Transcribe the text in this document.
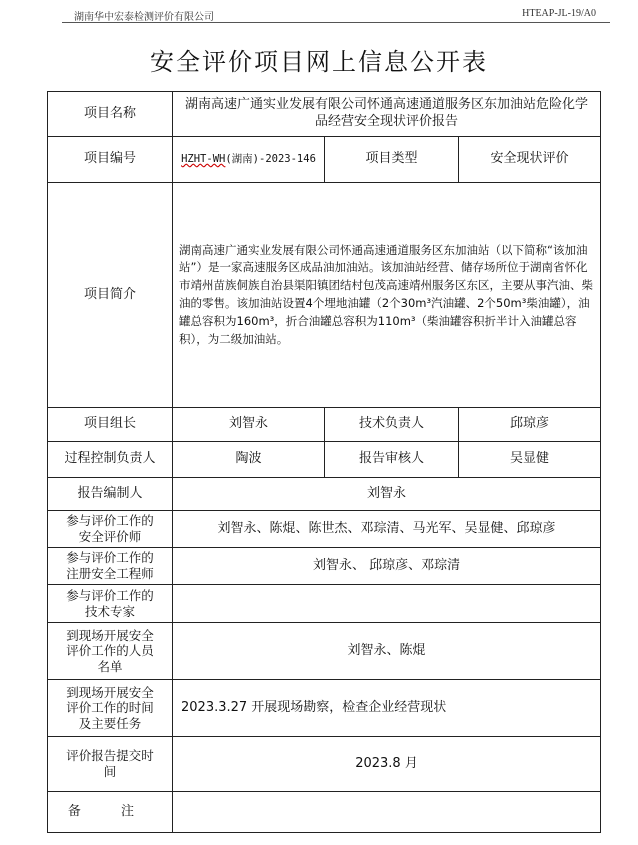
湖南华中宏泰检测评价有限公司	HTEAP-JL-19/A0
安全评价项目网上信息公开表
项目名称	湖南高速广通实业发展有限公司怀通高速通道服务区东加油站危险化学品经营安全现状评价报告		
项目编号	HZHT-WH(湖南)-2023-146	项目类型	安全现状评价
项目简介	湖南高速广通实业发展有限公司怀通高速通道服务区东加油站（以下简称“该加油站”）是一家高速服务区成品油加油站。该加油站经营、储存场所位于湖南省怀化市靖州苗族侗族自治县渠阳镇团结村包茂高速靖州服务区东区，主要从事汽油、柴油的零售。该加油站设置4个埋地油罐（2个30m³汽油罐、2个50m³柴油罐），油罐总容积为160m³，折合油罐总容积为110m³（柴油罐容积折半计入油罐总容积），为二级加油站。		
项目组长	刘智永	技术负责人	邱琼彦
过程控制负责人	陶波	报告审核人	吴显健
报告编制人	刘智永		
参与评价工作的
安全评价师	刘智永、陈焜、陈世杰、邓琮清、马光军、吴显健、邱琼彦		
参与评价工作的
注册安全工程师	刘智永、 邱琼彦、邓琮清		
参与评价工作的
技术专家			
到现场开展安全
评价工作的人员
名单	刘智永、陈焜		
到现场开展安全
评价工作的时间
及主要任务	2023.3.27 开展现场勘察，检查企业经营现状		
评价报告提交时
间	2023.8 月		
备 注			
